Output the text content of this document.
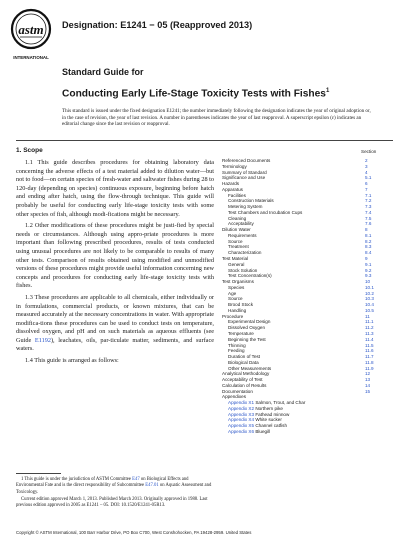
astm
INTERNATIONAL
Designation: E1241 − 05 (Reapproved 2013)
Standard Guide for
Conducting Early Life-Stage Toxicity Tests with Fishes$^1$
This standard is issued under the fixed designation E1241; the number immediately following the designation indicates the year of original adoption or, in the case of revision, the year of last revision. A number in parentheses indicates the year of last reapproval. A superscript epsilon (ε) indicates an editorial change since the last revision or reapproval.
1. Scope

1.1 This guide describes procedures for obtaining laboratory data concerning the adverse effects of a test material added to dilution water—but not to food—on certain species of fresh-water and saltwater fishes during 28 to 120-day (depending on species) continuous exposure, beginning before hatch and ending after hatch, using the flow-through technique. This guide will probably be useful for conducting early life-stage toxicity tests with some other species of fish, although modi-fications might be necessary.

1.2 Other modifications of these procedures might be justi-fied by special needs or circumstances. Although using appro-priate procedures is more important than following prescribed procedures, results of tests conducted using unusual procedures are not likely to be comparable to results of many other tests. Comparison of results obtained using modified and unmodified versions of these procedures might provide useful information concerning new concepts and procedures for conducting early life-stage toxicity tests with fishes.

1.3 These procedures are applicable to all chemicals, either individually or in formulations, commercial products, or known mixtures, that can be measured accurately at the necessary concentrations in water. With appropriate modifica-tions these procedures can be used to conduct tests on temperature, dissolved oxygen, and pH and on such materials as aqueous effluents (see Guide E1192), leachates, oils, par-ticulate matter, sediments, and surface waters.

1.4 This guide is arranged as follows:

1 This guide is under the jurisdiction of ASTM Committee E47 on Biological Effects and Environmental Fate and is the direct responsibility of Subcommittee E47.01 on Aquatic Assessment and Toxicology.

Current edition approved March 1, 2013. Published March 2013. Originally approved in 1988. Last previous edition approved in 2005 as E1241 – 05. DOI: 10.1520/E1241-05R13.

Section
Referenced Documents	2
Terminology	3
Summary of Standard	4
Significance and Use	5.1
Hazards	6
Apparatus	7
Facilities	7.1
Construction Materials	7.2
Metering System	7.3
Test Chambers and Incubation Cups	7.4
Cleaning	7.5
Acceptability	7.6
Dilution Water	8
Requirements	8.1
Source	8.2
Treatment	8.3
Characterization	8.4
Test Material	9
General	9.1
Stock Solution	9.2
Test Concentration(s)	9.3
Test Organisms	10
Species	10.1
Age	10.2
Source	10.3
Brood Stock	10.4
Handling	10.5
Procedure	11
Experimental Design	11.1
Dissolved Oxygen	11.2
Temperature	11.3
Beginning the Test	11.4
Thinning	11.5
Feeding	11.6
Duration of Test	11.7
Biological Data	11.8
Other Measurements	11.9
Analytical Methodology	12
Acceptability of Test	13
Calculation of Results	14
Documentation	15
Appendixes
Appendix X1 Salmon, Trout, and Char
Appendix X2 Northern pike
Appendix X3 Fathead minnow
Appendix X4 White sucker
Appendix X5 Channel catfish
Appendix X6 Bluegill
Copyright © ASTM International, 100 Barr Harbor Drive, PO Box C700, West Conshohocken, PA 19428-2959. United States
